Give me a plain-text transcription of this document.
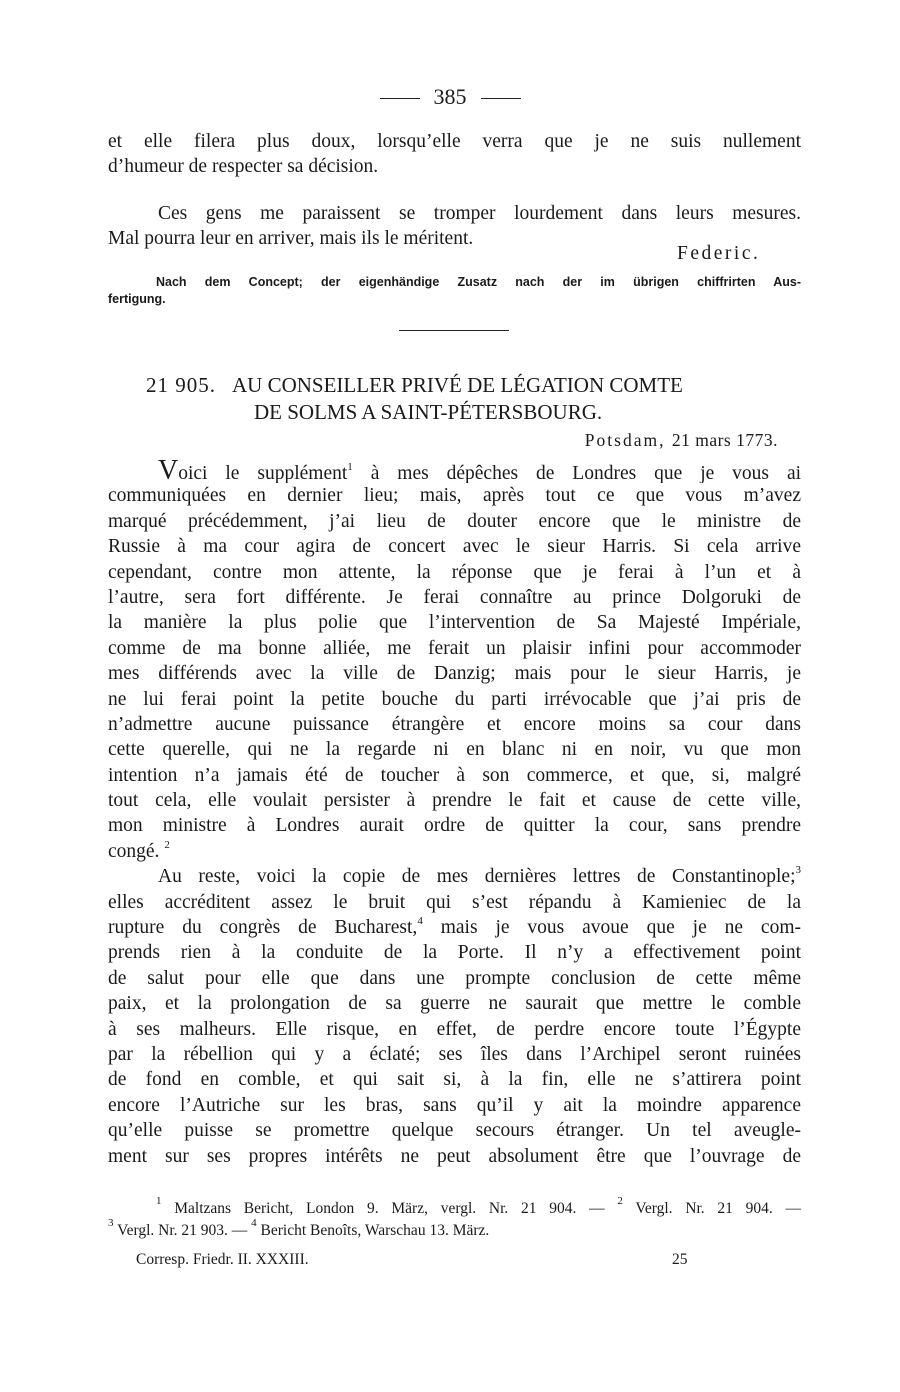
385
et elle filera plus doux, lorsqu’elle verra que je ne suis nullement
d’humeur de respecter sa décision.
Ces gens me paraissent se tromper lourdement dans leurs mesures.
Mal pourra leur en arriver, mais ils le méritent.
Federic.
Nach dem Concept; der eigenhändige Zusatz nach der im übrigen chiffrirten Aus-
fertigung.
21 905. AU CONSEILLER PRIVÉ DE LÉGATION COMTE
DE SOLMS A SAINT-PÉTERSBOURG.
Potsdam, 21 mars 1773.
Voici le supplément$^1$ à mes dépêches de Londres que je vous ai
communiquées en dernier lieu; mais, après tout ce que vous m’avez
marqué précédemment, j’ai lieu de douter encore que le ministre de
Russie à ma cour agira de concert avec le sieur Harris. Si cela arrive
cependant, contre mon attente, la réponse que je ferai à l’un et à
l’autre, sera fort différente. Je ferai connaître au prince Dolgoruki de
la manière la plus polie que l’intervention de Sa Majesté Impériale,
comme de ma bonne alliée, me ferait un plaisir infini pour accommoder
mes différends avec la ville de Danzig; mais pour le sieur Harris, je
ne lui ferai point la petite bouche du parti irrévocable que j’ai pris de
n’admettre aucune puissance étrangère et encore moins sa cour dans
cette querelle, qui ne la regarde ni en blanc ni en noir, vu que mon
intention n’a jamais été de toucher à son commerce, et que, si, malgré
tout cela, elle voulait persister à prendre le fait et cause de cette ville,
mon ministre à Londres aurait ordre de quitter la cour, sans prendre
congé. $^2$
Au reste, voici la copie de mes dernières lettres de Constantinople;$^3$
elles accréditent assez le bruit qui s’est répandu à Kamieniec de la
rupture du congrès de Bucharest,$^4$ mais je vous avoue que je ne com-
prends rien à la conduite de la Porte. Il n’y a effectivement point
de salut pour elle que dans une prompte conclusion de cette même
paix, et la prolongation de sa guerre ne saurait que mettre le comble
à ses malheurs. Elle risque, en effet, de perdre encore toute l’Égypte
par la rébellion qui y a éclaté; ses îles dans l’Archipel seront ruinées
de fond en comble, et qui sait si, à la fin, elle ne s’attirera point
encore l’Autriche sur les bras, sans qu’il y ait la moindre apparence
qu’elle puisse se promettre quelque secours étranger. Un tel aveugle-
ment sur ses propres intérêts ne peut absolument être que l’ouvrage de
$^1$ Maltzans Bericht, London 9. März, vergl. Nr. 21 904. — $^2$ Vergl. Nr. 21 904. —
$^3$ Vergl. Nr. 21 903. — $^4$ Bericht Benoîts, Warschau 13. März.
Corresp. Friedr. II. XXXIII.	25
